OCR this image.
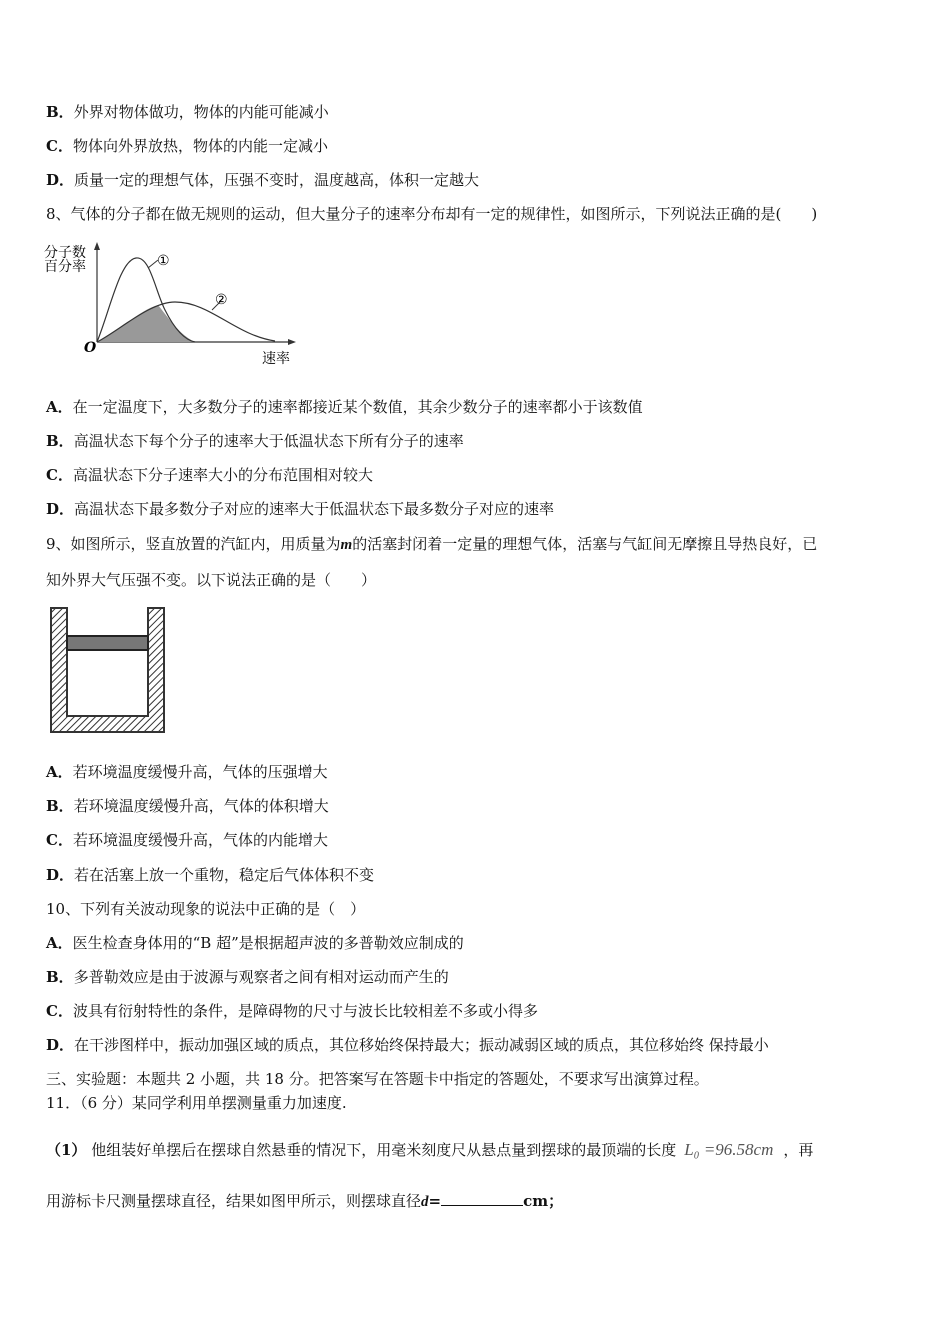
B．外界对物体做功，物体的内能可能减小
C．物体向外界放热，物体的内能一定减小
D．质量一定的理想气体，压强不变时，温度越高，体积一定越大
8、气体的分子都在做无规则的运动，但大量分子的速率分布却有一定的规律性，如图所示，下列说法正确的是(　　)
分子数
百分率	①
②
O
速率
A．在一定温度下，大多数分子的速率都接近某个数值，其余少数分子的速率都小于该数值
B．高温状态下每个分子的速率大于低温状态下所有分子的速率
C．高温状态下分子速率大小的分布范围相对较大
D．高温状态下最多数分子对应的速率大于低温状态下最多数分子对应的速率
9、如图所示，竖直放置的汽缸内，用质量为m的活塞封闭着一定量的理想气体，活塞与气缸间无摩擦且导热良好，已
知外界大气压强不变。以下说法正确的是（　　）
A．若环境温度缓慢升高，气体的压强增大
B．若环境温度缓慢升高，气体的体积增大
C．若环境温度缓慢升高，气体的内能增大
D．若在活塞上放一个重物，稳定后气体体积不变
10、下列有关波动现象的说法中正确的是（　）
A．医生检查身体用的“B 超”是根据超声波的多普勒效应制成的
B．多普勒效应是由于波源与观察者之间有相对运动而产生的
C．波具有衍射特性的条件，是障碍物的尺寸与波长比较相差不多或小得多
D．在干涉图样中，振动加强区域的质点，其位移始终保持最大；振动减弱区域的质点，其位移始终 保持最小
三、实验题：本题共 2 小题，共 18 分。把答案写在答题卡中指定的答题处，不要求写出演算过程。
11．（6 分）某同学利用单摆测量重力加速度.
（1） 他组装好单摆后在摆球自然悬垂的情况下，用毫米刻度尺从悬点量到摆球的最顶端的长度 L₀ =96.58cm ，再
用游标卡尺测量摆球直径，结果如图甲所示，则摆球直径d=	cm；
